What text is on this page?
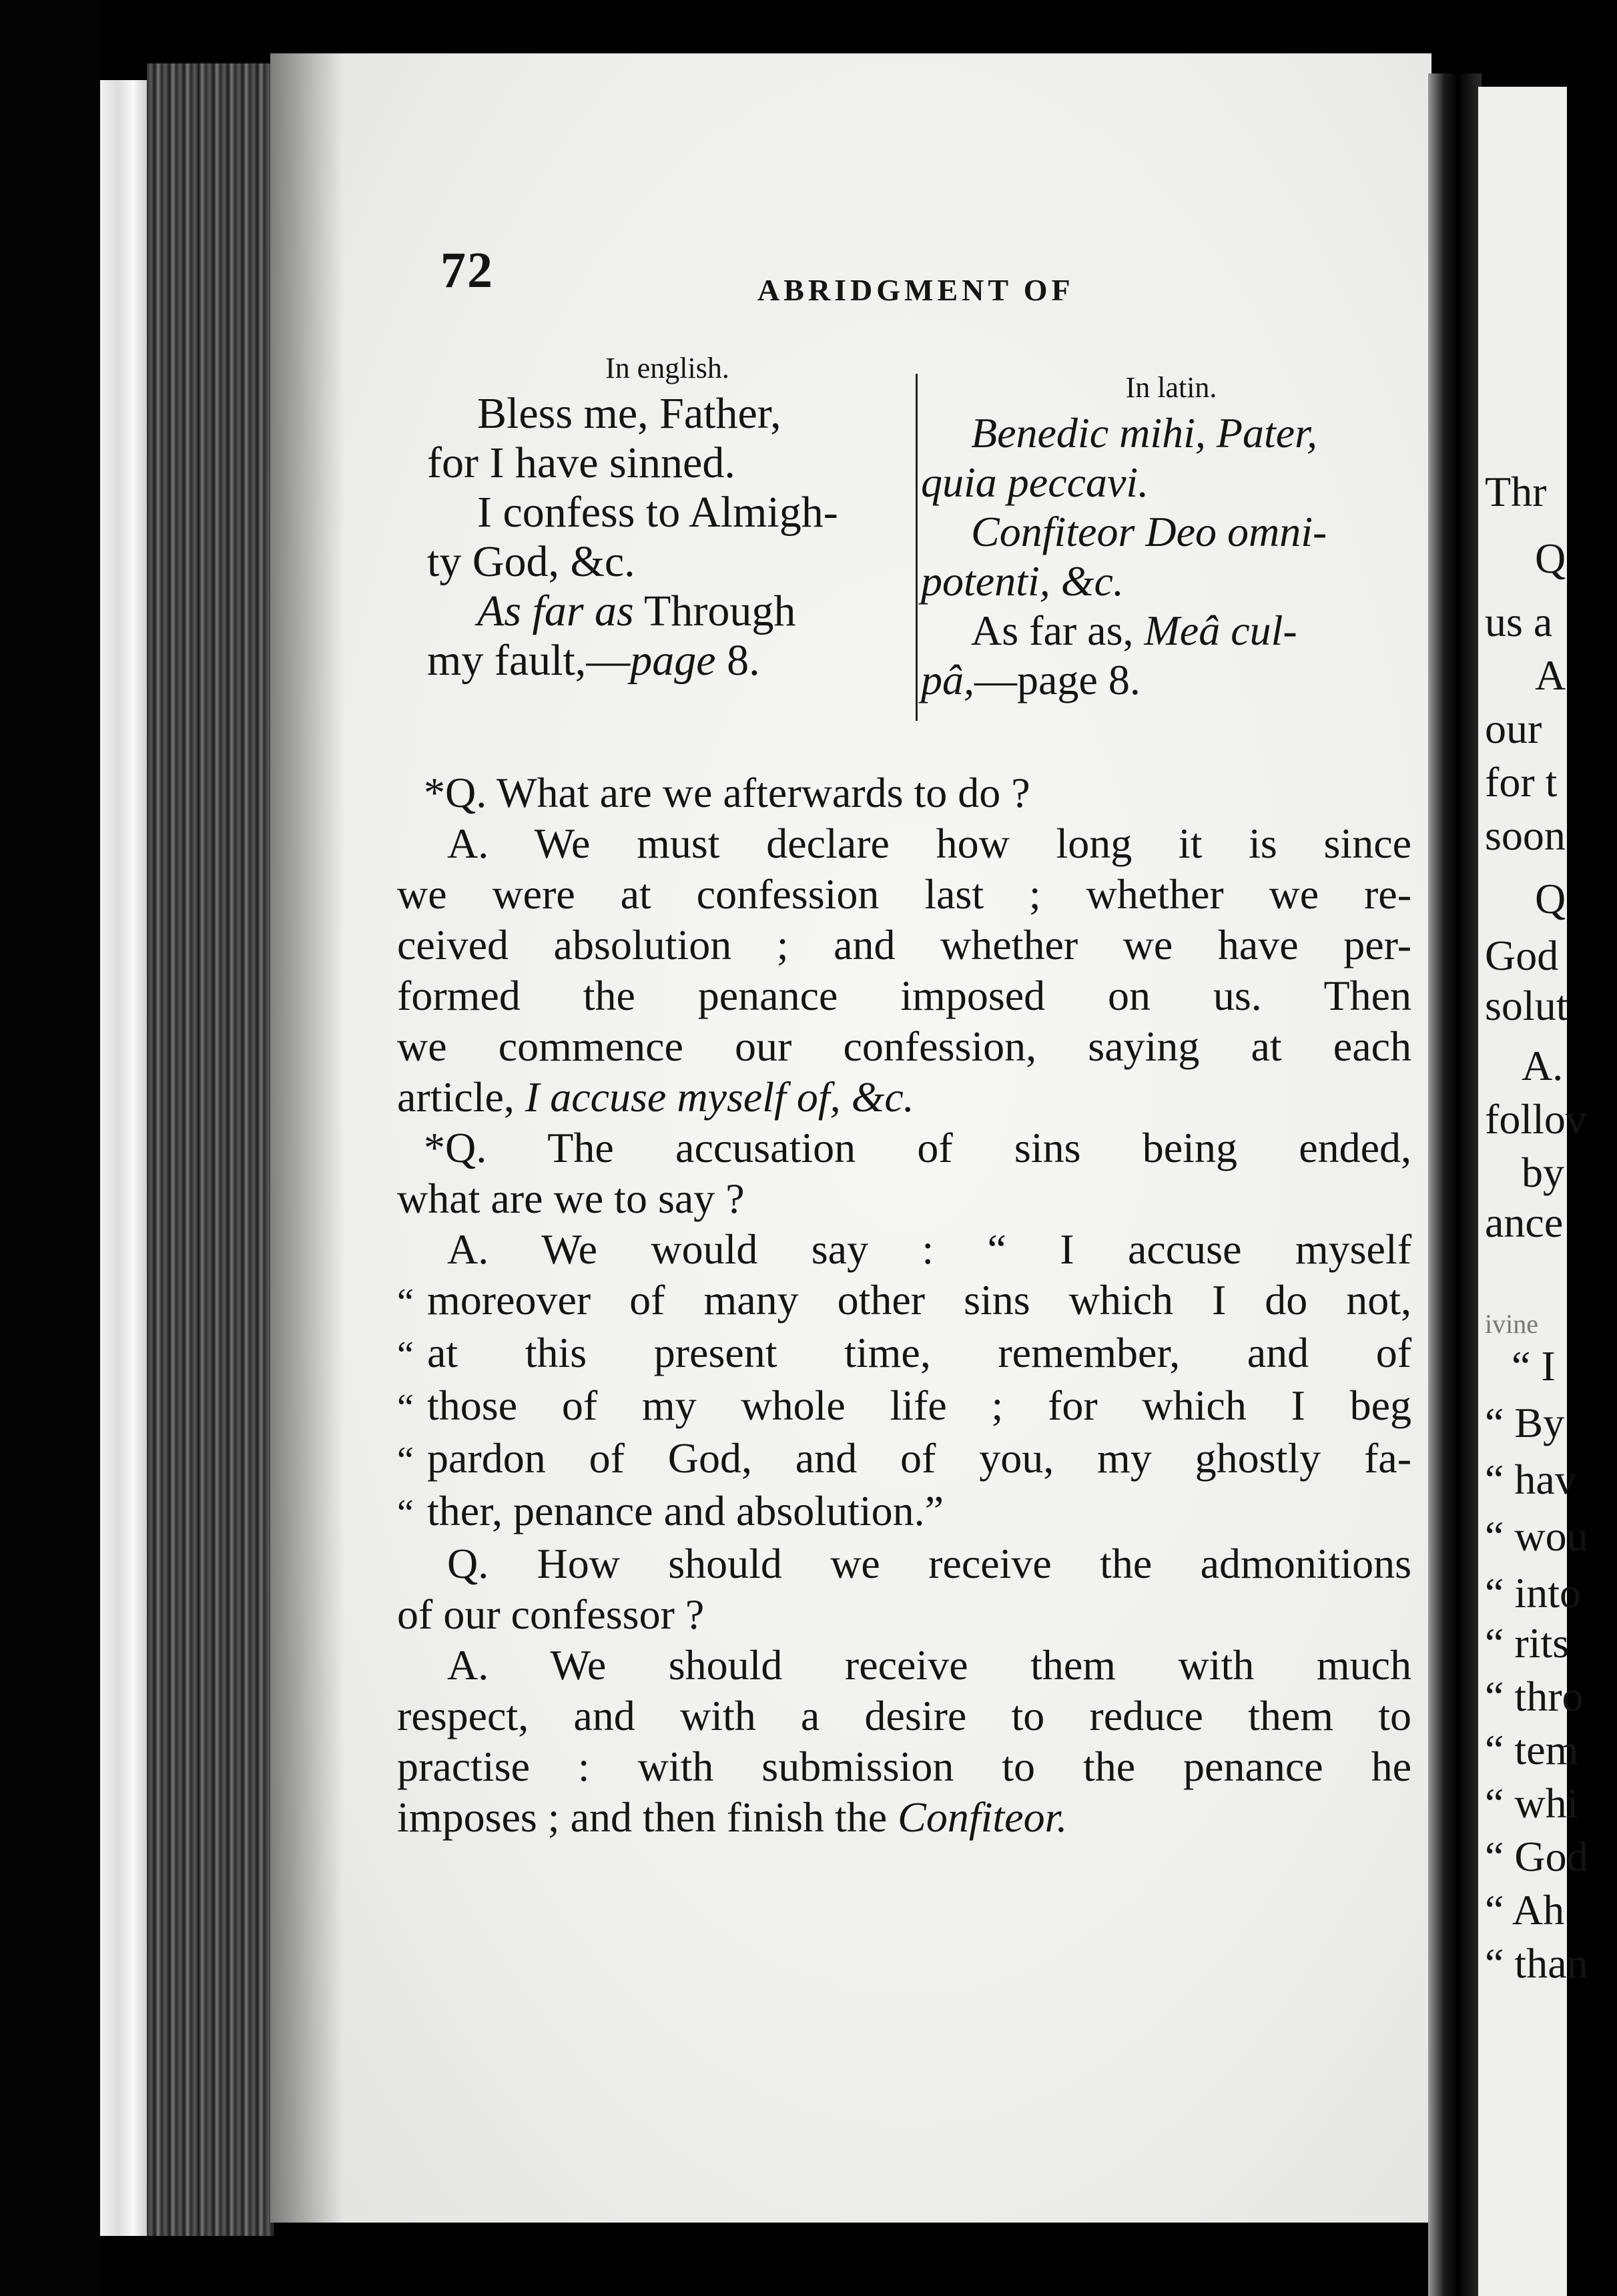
72	ABRIDGMENT OF
In english.
Bless me, Father,
for I have sinned.
I confess to Almigh-
ty God, &c.
As far as Through
my fault,—page 8.
In latin.
Benedic mihi, Pater,
quia peccavi.
Confiteor Deo omni-
potenti, &c.
As far as, Meâ cul-
pâ,—page 8.
*Q. What are we afterwards to do ?
A. We must declare how long it is since
we were at confession last ; whether we re-
ceived absolution ; and whether we have per-
formed the penance imposed on us. Then
we commence our confession, saying at each
article, I accuse myself of, &c.
*Q. The accusation of sins being ended,
what are we to say ?
A. We would say : “ I accuse myself
“ moreover of many other sins which I do not,
“ at this present time, remember, and of
“ those of my whole life ; for which I beg
“ pardon of God, and of you, my ghostly fa-
“ ther, penance and absolution.”
Q. How should we receive the admonitions
of our confessor ?
A. We should receive them with much
respect, and with a desire to reduce them to
practise : with submission to the penance he
imposes ; and then finish the Confiteor.
Thr
Q
us a
A
our
for t
soon
Q
God
solut
A.
follov
by
ance
ivine
“ I
“ By
“ hav
“ wou
“ into
“ rits
“ thro
“ tem
“ whi
“ God
“ Ah
“ than
